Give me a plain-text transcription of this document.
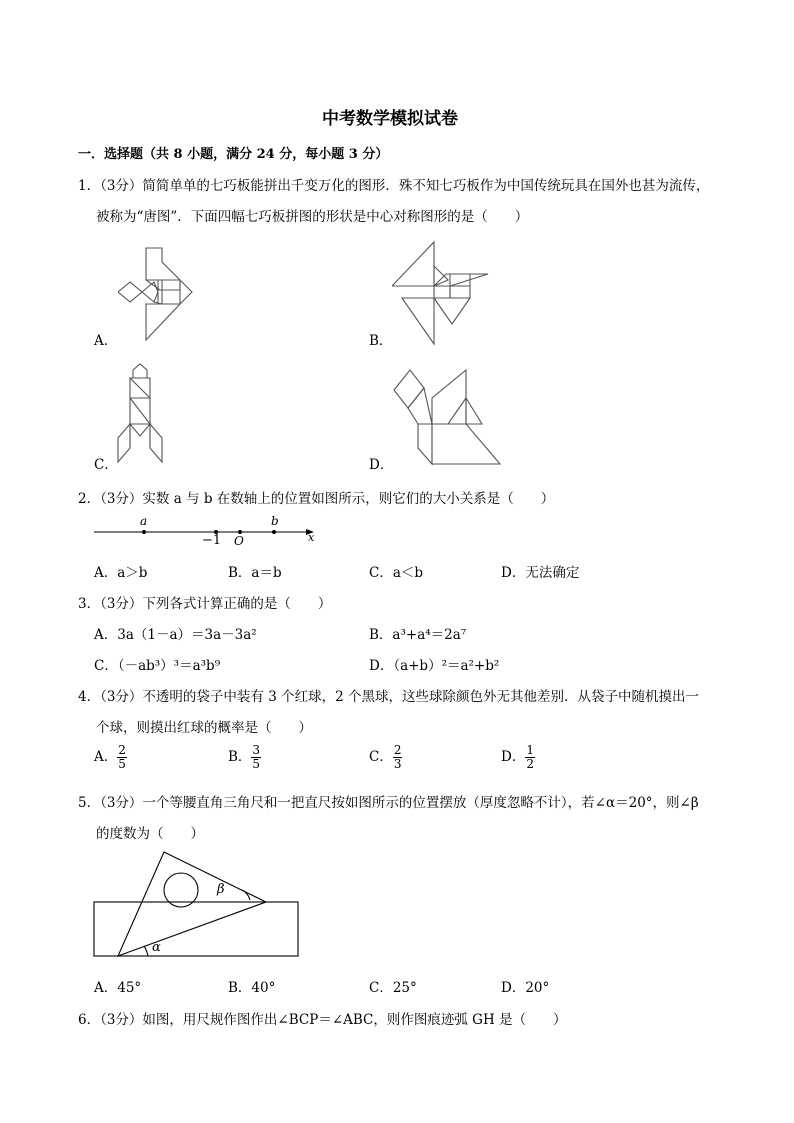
中考数学模拟试卷
一．选择题（共 8 小题，满分 24 分，每小题 3 分）
1．（3分）简简单单的七巧板能拼出千变万化的图形．殊不知七巧板作为中国传统玩具在国外也甚为流传，
被称为“唐图”．下面四幅七巧板拼图的形状是中心对称图形的是（　　）
A．	B．
C．	D．
2．（3分）实数 a 与 b 在数轴上的位置如图所示，则它们的大小关系是（　　）
a	b
−1 O	x
A．a＞b	B．a＝b	C．a＜b	D．无法确定
3．（3分）下列各式计算正确的是（　　）
A．3a（1－a）＝3a－3a²	B．a³+a⁴＝2a⁷
C．（－ab³）³＝a³b⁹	D．（a+b）²＝a²+b²
4．（3分）不透明的袋子中装有 3 个红球，2 个黑球，这些球除颜色外无其他差别．从袋子中随机摸出一
个球，则摸出红球的概率是（　　）
A． $\frac{2}{5}$	B． $\frac{3}{5}$	C． $\frac{2}{3}$	D． $\frac{1}{2}$
5．（3分）一个等腰直角三角尺和一把直尺按如图所示的位置摆放（厚度忽略不计），若∠α＝20°，则∠β
的度数为（　　）
β
α
A．45°	B．40°	C．25°	D．20°
6．（3分）如图，用尺规作图作出∠BCP＝∠ABC，则作图痕迹弧 GH 是（　　）
